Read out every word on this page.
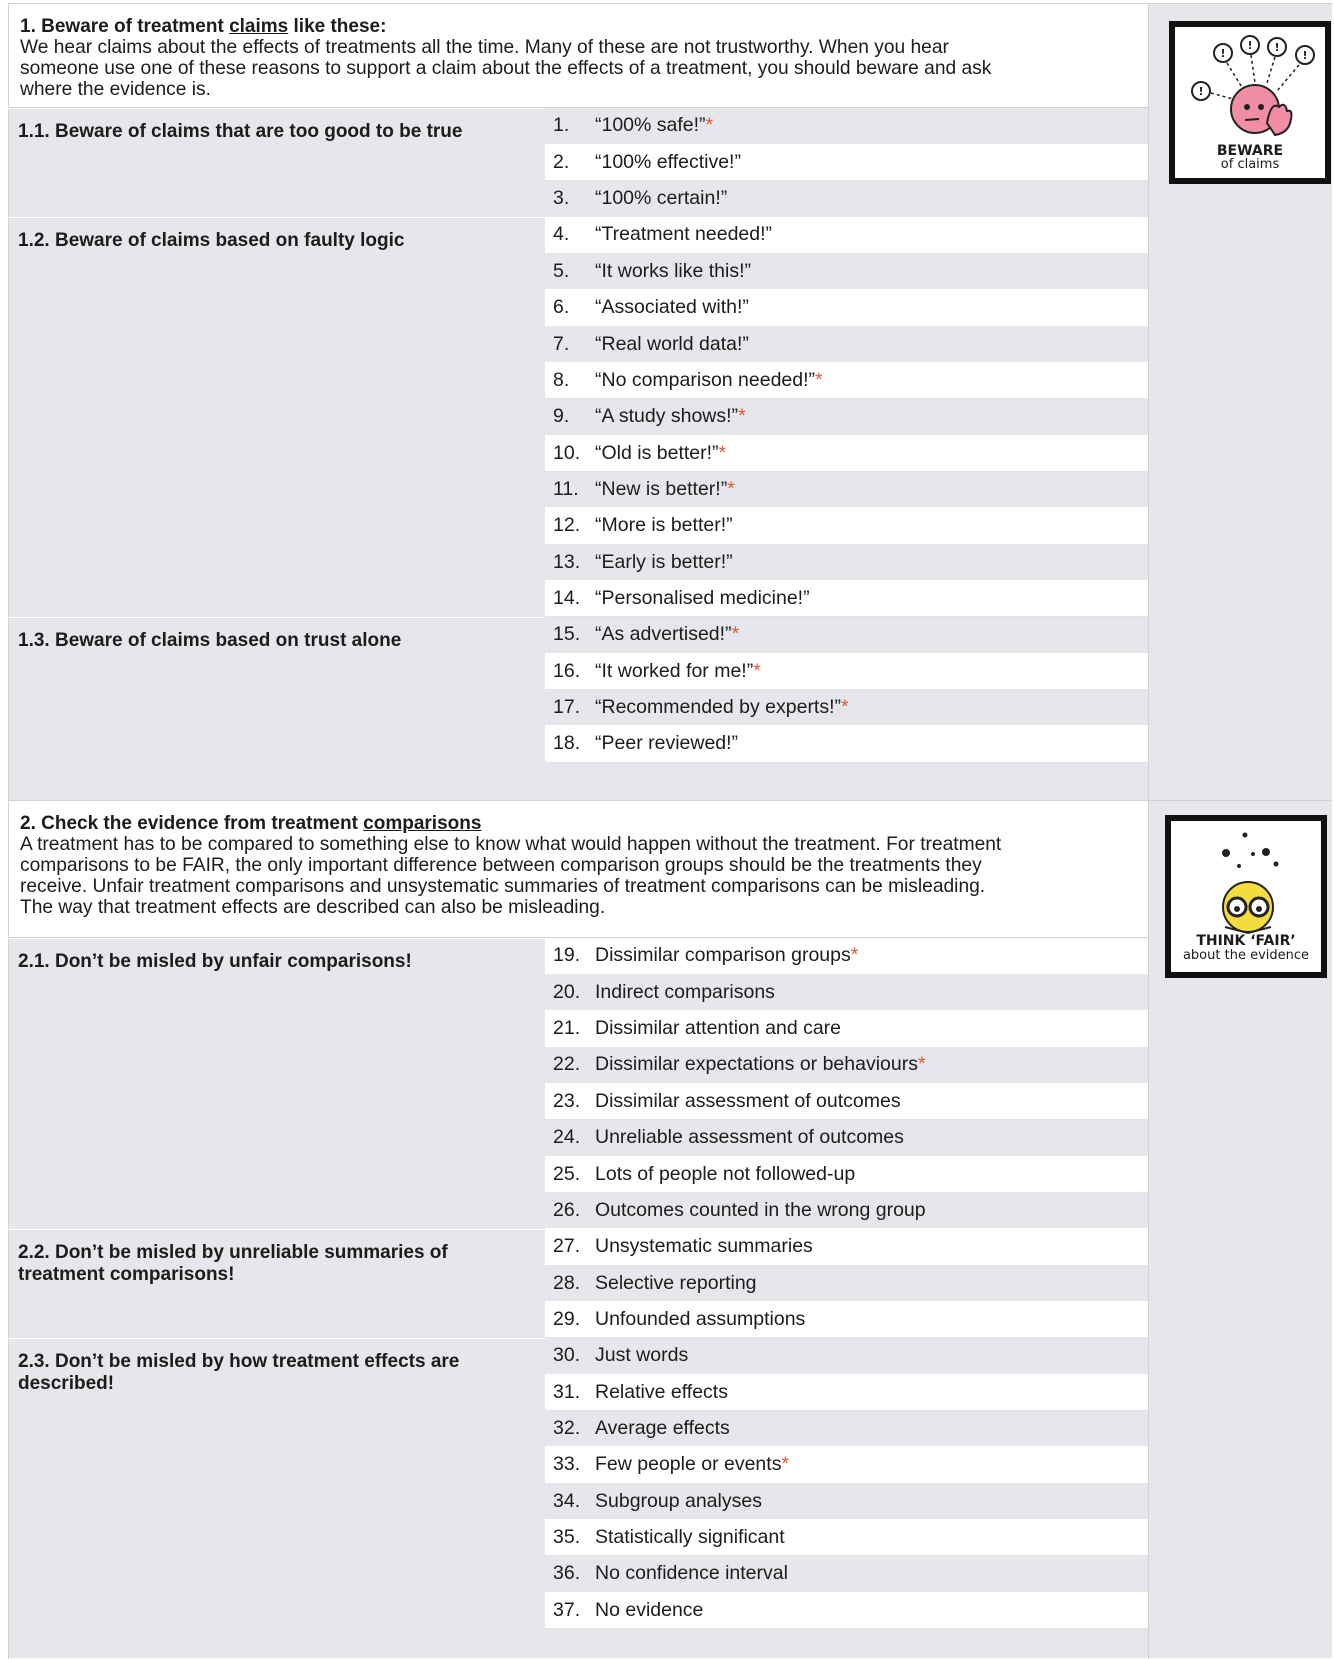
1. Beware of treatment claims like these:
We hear claims about the effects of treatments all the time. Many of these are not trustworthy. When you hear
someone use one of these reasons to support a claim about the effects of a treatment, you should beware and ask
where the evidence is.
1.1. Beware of claims that are too good to be true	1.	“100% safe!” *
2.	“100% effective!”
3.	“100% certain!”
1.2. Beware of claims based on faulty logic	4.	“Treatment needed!”
5.	“It works like this!”
6.	“Associated with!”
7.	“Real world data!”
8.	“No comparison needed!” *
9.	“A study shows!” *
10. “Old is better!” *
11. “New is better!” *
12. “More is better!”
13. “Early is better!”
14. “Personalised medicine!”
1.3. Beware of claims based on trust alone	15. “As advertised!” *
16. “It worked for me!” *
17. “Recommended by experts!” *
18. “Peer reviewed!”
!
! !
!
!
BEWARE
of claims
2. Check the evidence from treatment comparisons
A treatment has to be compared to something else to know what would happen without the treatment. For treatment
comparisons to be FAIR, the only important difference between comparison groups should be the treatments they
receive. Unfair treatment comparisons and unsystematic summaries of treatment comparisons can be misleading.
The way that treatment effects are described can also be misleading.
2.1. Don’t be misled by unfair comparisons!	19. Dissimilar comparison groups *
20. Indirect comparisons
21. Dissimilar attention and care
22. Dissimilar expectations or behaviours *
23. Dissimilar assessment of outcomes
24. Unreliable assessment of outcomes
25. Lots of people not followed-up
26. Outcomes counted in the wrong group
2.2. Don’t be misled by unreliable summaries of treatment comparisons!
27. Unsystematic summaries
28. Selective reporting
29. Unfounded assumptions
2.3. Don’t be misled by how treatment effects are described!
30. Just words
31. Relative effects
32. Average effects
33. Few people or events *
34. Subgroup analyses
35. Statistically significant
36. No confidence interval
37. No evidence
THINK ‘FAIR’
about the evidence
